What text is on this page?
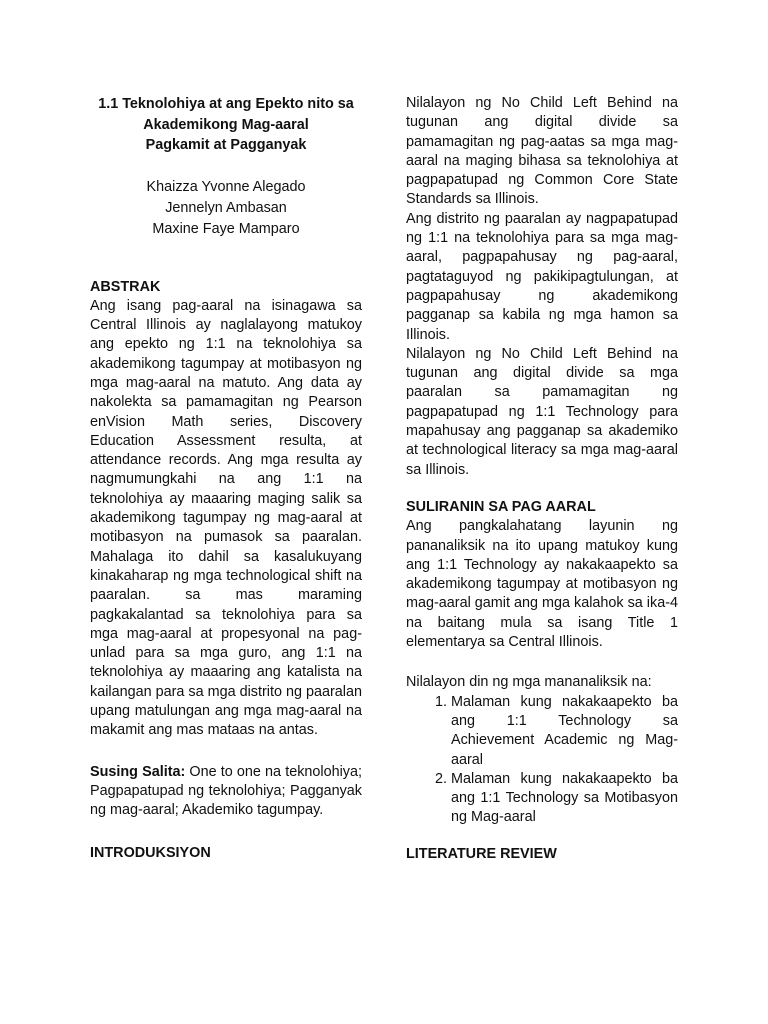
1.1 Teknolohiya at ang Epekto nito sa
Akademikong Mag-aaral
Pagkamit at Pagganyak
Khaizza Yvonne Alegado
Jennelyn Ambasan
Maxine Faye Mamparo
ABSTRAK

Ang isang pag-aaral na isinagawa sa Central Illinois ay naglalayong matukoy ang epekto ng 1:1 na teknolohiya sa akademikong tagumpay at motibasyon ng mga mag-aaral na matuto. Ang data ay nakolekta sa pamamagitan ng Pearson enVision Math series, Discovery Education Assessment resulta, at attendance records. Ang mga resulta ay nagmumungkahi na ang 1:1 na teknolohiya ay maaaring maging salik sa akademikong tagumpay ng mag-aaral at motibasyon na pumasok sa paaralan. Mahalaga ito dahil sa kasalukuyang kinakaharap ng mga technological shift na paaralan. sa mas maraming pagkakalantad sa teknolohiya para sa mga mag-aaral at propesyonal na pag-unlad para sa mga guro, ang 1:1 na teknolohiya ay maaaring ang katalista na kailangan para sa mga distrito ng paaralan upang matulungan ang mga mag-aaral na makamit ang mas mataas na antas.

Susing Salita: One to one na teknolohiya; Pagpapatupad ng teknolohiya; Pagganyak ng mag-aaral; Akademiko tagumpay.

INTRODUKSIYON

Nilalayon ng No Child Left Behind na tugunan ang digital divide sa pamamagitan ng pag-aatas sa mga mag-aaral na maging bihasa sa teknolohiya at pagpapatupad ng Common Core State Standards sa Illinois.

Ang distrito ng paaralan ay nagpapatupad ng 1:1 na teknolohiya para sa mga mag-aaral, pagpapahusay ng pag-aaral, pagtataguyod ng pakikipagtulungan, at pagpapahusay ng akademikong pagganap sa kabila ng mga hamon sa Illinois.

Nilalayon ng No Child Left Behind na tugunan ang digital divide sa mga paaralan sa pamamagitan ng pagpapatupad ng 1:1 Technology para mapahusay ang pagganap sa akademiko at technological literacy sa mga mag-aaral sa Illinois.

SULIRANIN SA PAG AARAL

Ang pangkalahatang layunin ng pananaliksik na ito upang matukoy kung ang 1:1 Technology ay nakakaapekto sa akademikong tagumpay at motibasyon ng mag-aaral gamit ang mga kalahok sa ika-4 na baitang mula sa isang Title 1 elementarya sa Central Illinois.

Nilalayon din ng mga mananaliksik na:

1. Malaman kung nakakaapekto ba ang 1:1 Technology sa Achievement Academic ng Mag-aaral
2. Malaman kung nakakaapekto ba ang 1:1 Technology sa Motibasyon ng Mag-aaral
LITERATURE REVIEW
